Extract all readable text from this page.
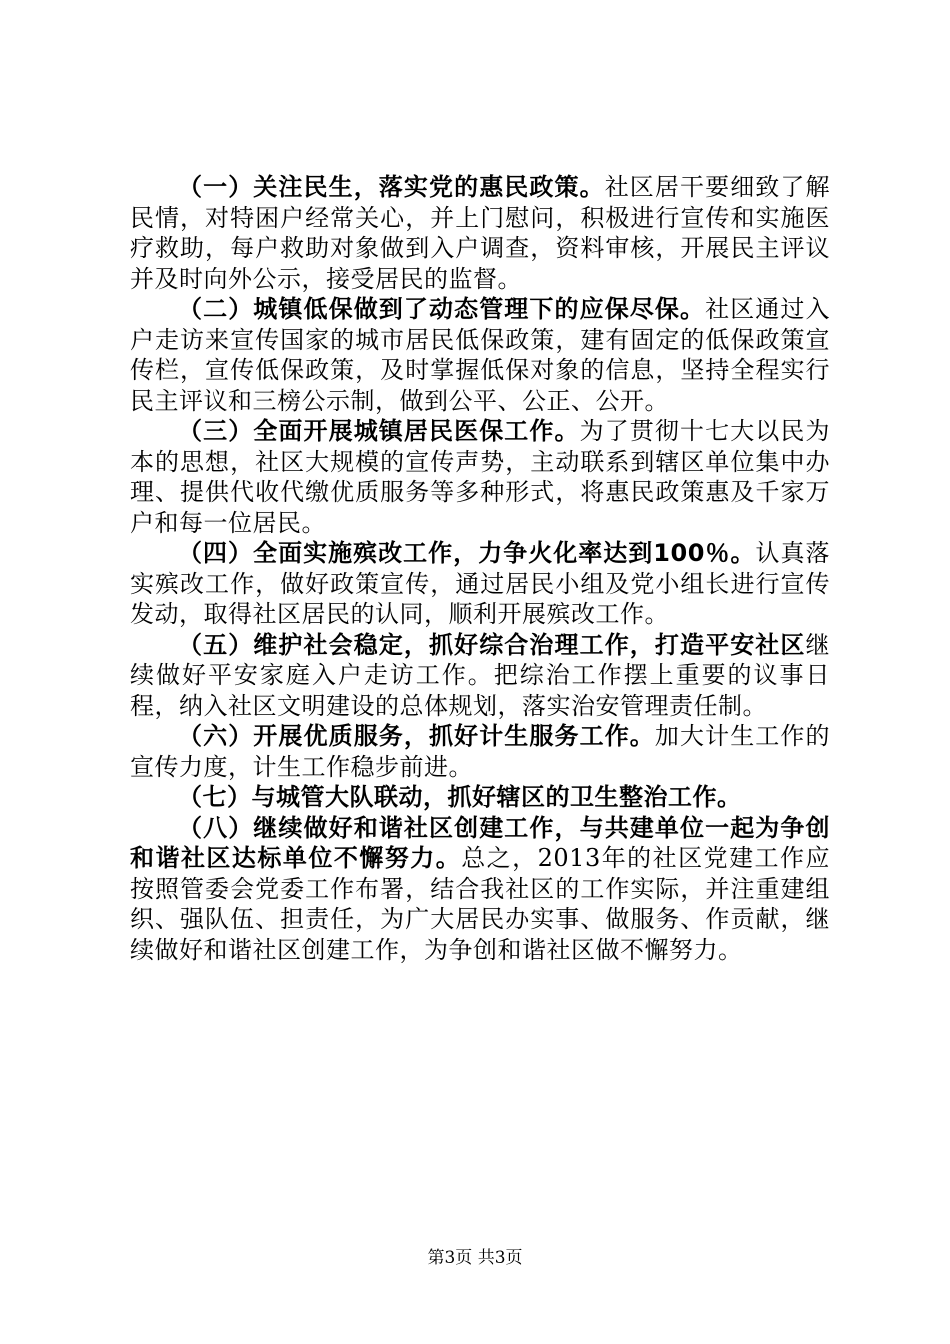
（一）关注民生，落实党的惠民政策。社区居干要细致了解民情，对特困户经常关心，并上门慰问，积极进行宣传和实施医疗救助，每户救助对象做到入户调查，资料审核，开展民主评议并及时向外公示，接受居民的监督。

（二）城镇低保做到了动态管理下的应保尽保。社区通过入户走访来宣传国家的城市居民低保政策，建有固定的低保政策宣传栏，宣传低保政策，及时掌握低保对象的信息，坚持全程实行民主评议和三榜公示制，做到公平、公正、公开。

（三）全面开展城镇居民医保工作。为了贯彻十七大以民为本的思想，社区大规模的宣传声势，主动联系到辖区单位集中办理、提供代收代缴优质服务等多种形式，将惠民政策惠及千家万户和每一位居民。

（四）全面实施殡改工作，力争火化率达到100％。认真落实殡改工作，做好政策宣传，通过居民小组及党小组长进行宣传发动，取得社区居民的认同，顺利开展殡改工作。

（五）维护社会稳定，抓好综合治理工作，打造平安社区继续做好平安家庭入户走访工作。把综治工作摆上重要的议事日程，纳入社区文明建设的总体规划，落实治安管理责任制。

（六）开展优质服务，抓好计生服务工作。加大计生工作的宣传力度，计生工作稳步前进。

（七）与城管大队联动，抓好辖区的卫生整治工作。

（八）继续做好和谐社区创建工作，与共建单位一起为争创和谐社区达标单位不懈努力。总之，2013年的社区党建工作应按照管委会党委工作布署，结合我社区的工作实际，并注重建组织、强队伍、担责任，为广大居民办实事、做服务、作贡献，继续做好和谐社区创建工作，为争创和谐社区做不懈努力。

第3页 共3页
